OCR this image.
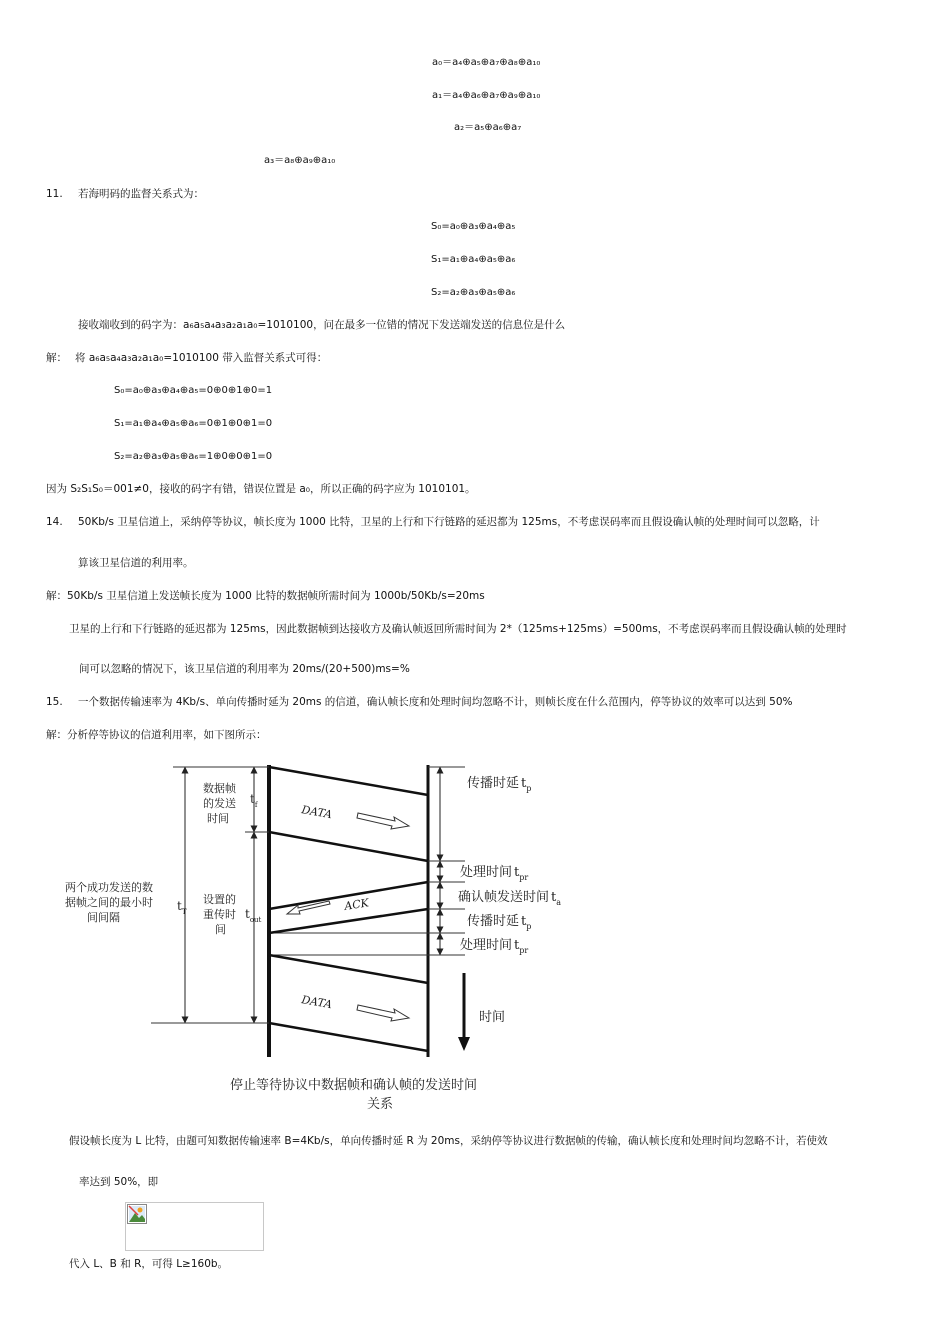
a₀＝a₄⊕a₅⊕a₇⊕a₈⊕a₁₀
a₁＝a₄⊕a₆⊕a₇⊕a₉⊕a₁₀
a₂＝a₅⊕a₆⊕a₇
a₃＝a₈⊕a₉⊕a₁₀
11. 若海明码的监督关系式为：
S₀=a₀⊕a₃⊕a₄⊕a₅
S₁=a₁⊕a₄⊕a₅⊕a₆
S₂=a₂⊕a₃⊕a₅⊕a₆
接收端收到的码字为：a₆a₅a₄a₃a₂a₁a₀=1010100，问在最多一位错的情况下发送端发送的信息位是什么
解： 将 a₆a₅a₄a₃a₂a₁a₀=1010100 带入监督关系式可得：
S₀=a₀⊕a₃⊕a₄⊕a₅=0⊕0⊕1⊕0=1
S₁=a₁⊕a₄⊕a₅⊕a₆=0⊕1⊕0⊕1=0
S₂=a₂⊕a₃⊕a₅⊕a₆=1⊕0⊕0⊕1=0
因为 S₂S₁S₀＝001≠0，接收的码字有错，错误位置是 a₀，所以正确的码字应为 1010101。
14. 50Kb/s 卫星信道上，采纳停等协议，帧长度为 1000 比特，卫星的上行和下行链路的延迟都为 125ms，不考虑误码率而且假设确认帧的处理时间可以忽略，计
算该卫星信道的利用率。
解：50Kb/s 卫星信道上发送帧长度为 1000 比特的数据帧所需时间为 1000b/50Kb/s=20ms
卫星的上行和下行链路的延迟都为 125ms，因此数据帧到达接收方及确认帧返回所需时间为 2*（125ms+125ms）=500ms，不考虑误码率而且假设确认帧的处理时
间可以忽略的情况下，该卫星信道的利用率为 20ms/(20+500)ms=%
15. 一个数据传输速率为 4Kb/s、单向传播时延为 20ms 的信道，确认帧长度和处理时间均忽略不计，则帧长度在什么范围内，停等协议的效率可以达到 50%
解：分析停等协议的信道利用率，如下图所示：
两个成功发送的数
据帧之间的最小时
间间隔
$t_T$
数据帧
的发送
时间
$t_f$
设置的
重传时
间
$t_{out}$
DATA
DATA
ACK
传播时延 $t_p$
处理时间 $t_{pr}$
确认帧发送时间 $t_a$
传播时延 $t_p$
处理时间 $t_{pr}$
时间
停止等待协议中数据帧和确认帧的发送时间
关系
假设帧长度为 L 比特，由题可知数据传输速率 B=4Kb/s，单向传播时延 R 为 20ms，采纳停等协议进行数据帧的传输，确认帧长度和处理时间均忽略不计，若使效
率达到 50%，即
代入 L、B 和 R，可得 L≥160b。
